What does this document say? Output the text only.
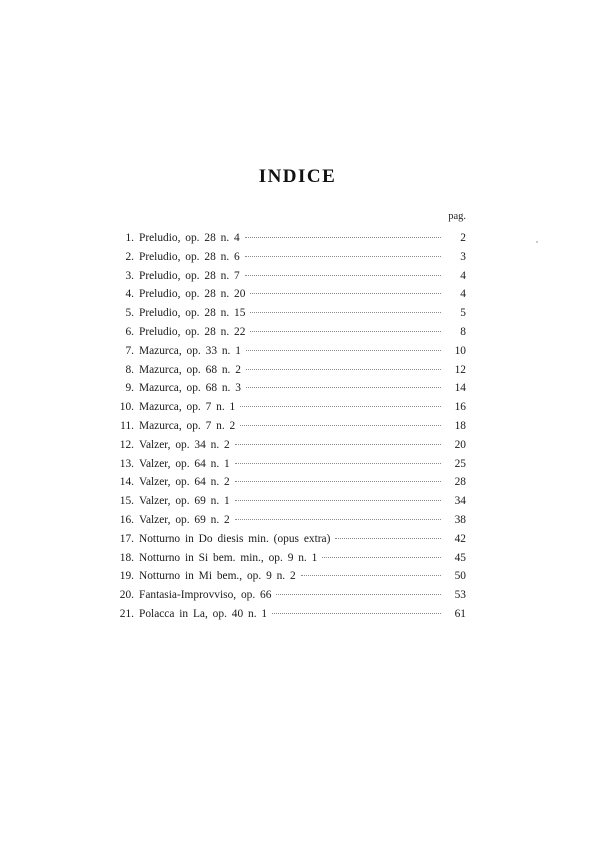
INDICE
pag.
1. Preludio, op. 28 n. 4	2
2. Preludio, op. 28 n. 6	3
3. Preludio, op. 28 n. 7	4
4. Preludio, op. 28 n. 20	4
5. Preludio, op. 28 n. 15	5
6. Preludio, op. 28 n. 22	8
7. Mazurca, op. 33 n. 1	10
8. Mazurca, op. 68 n. 2	12
9. Mazurca, op. 68 n. 3	14
10. Mazurca, op. 7 n. 1	16
11. Mazurca, op. 7 n. 2	18
12. Valzer, op. 34 n. 2	20
13. Valzer, op. 64 n. 1	25
14. Valzer, op. 64 n. 2	28
15. Valzer, op. 69 n. 1	34
16. Valzer, op. 69 n. 2	38
17. Notturno in Do diesis min. (opus extra)	42
18. Notturno in Si bem. min., op. 9 n. 1	45
19. Notturno in Mi bem., op. 9 n. 2	50
20. Fantasia-Improvviso, op. 66	53
21. Polacca in La, op. 40 n. 1	61
